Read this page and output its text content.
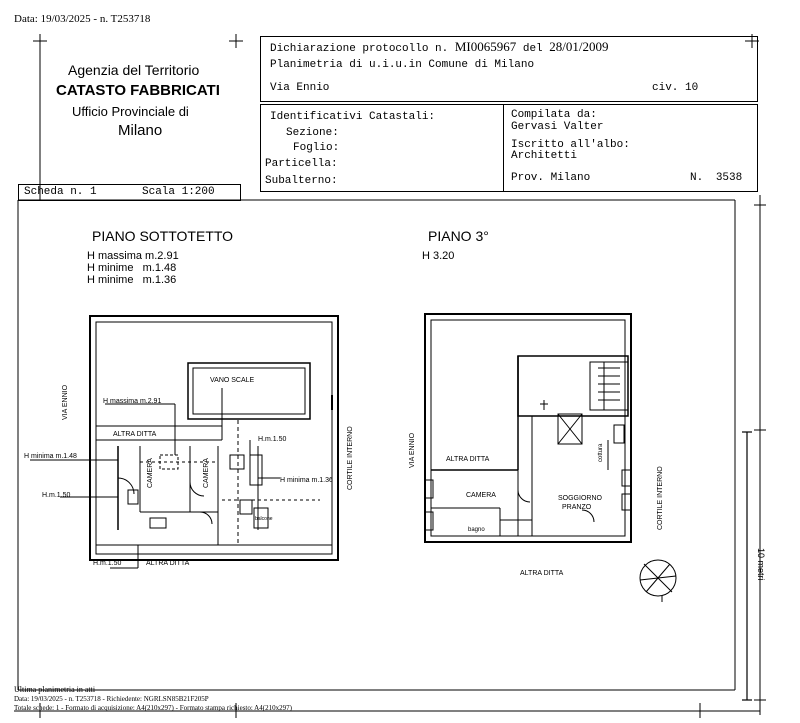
Data: 19/03/2025 - n. T253718
Agenzia del Territorio
CATASTO FABBRICATI
Ufficio Provinciale di
Milano
Dichiarazione protocollo n. MI0065967 del 28/01/2009
Planimetria di u.i.u.in Comune di Milano
Via Ennio	civ. 10
Identificativi Catastali:
Sezione:
Foglio:
Particella:
Subalterno:
Compilata da:
Gervasi Valter
Iscritto all'albo:
Architetti
Prov. Milano	N. 3538
Scheda n. 1	Scala 1:200
PIANO SOTTOTETTO
H massima m.2.91
H minime   m.1.48
H minime   m.1.36
PIANO 3°
H 3.20
VANO SCALE
H massima m.2.91
ALTRA DITTA
H minima m.1.48
H.m.1.50
H minima m.1.36
H.m.1.50
H.m.1.50	ALTRA DITTA
CAMERA	CAMERA
balcone
VIA ENNIO
CORTILE INTERNO	VIA ENNIO	ALTRA DITTA
CAMERA	SOGGIORNO
PRANZO
bagno
cottura
CORTILE INTERNO
ALTRA DITTA	10 metri
Ultima planimetria in atti
Data: 19/03/2025 - n. T253718 - Richiedente: NGRLSN85B21F205P
Totale schede: 1 - Formato di acquisizione: A4(210x297) - Formato stampa richiesto: A4(210x297)
